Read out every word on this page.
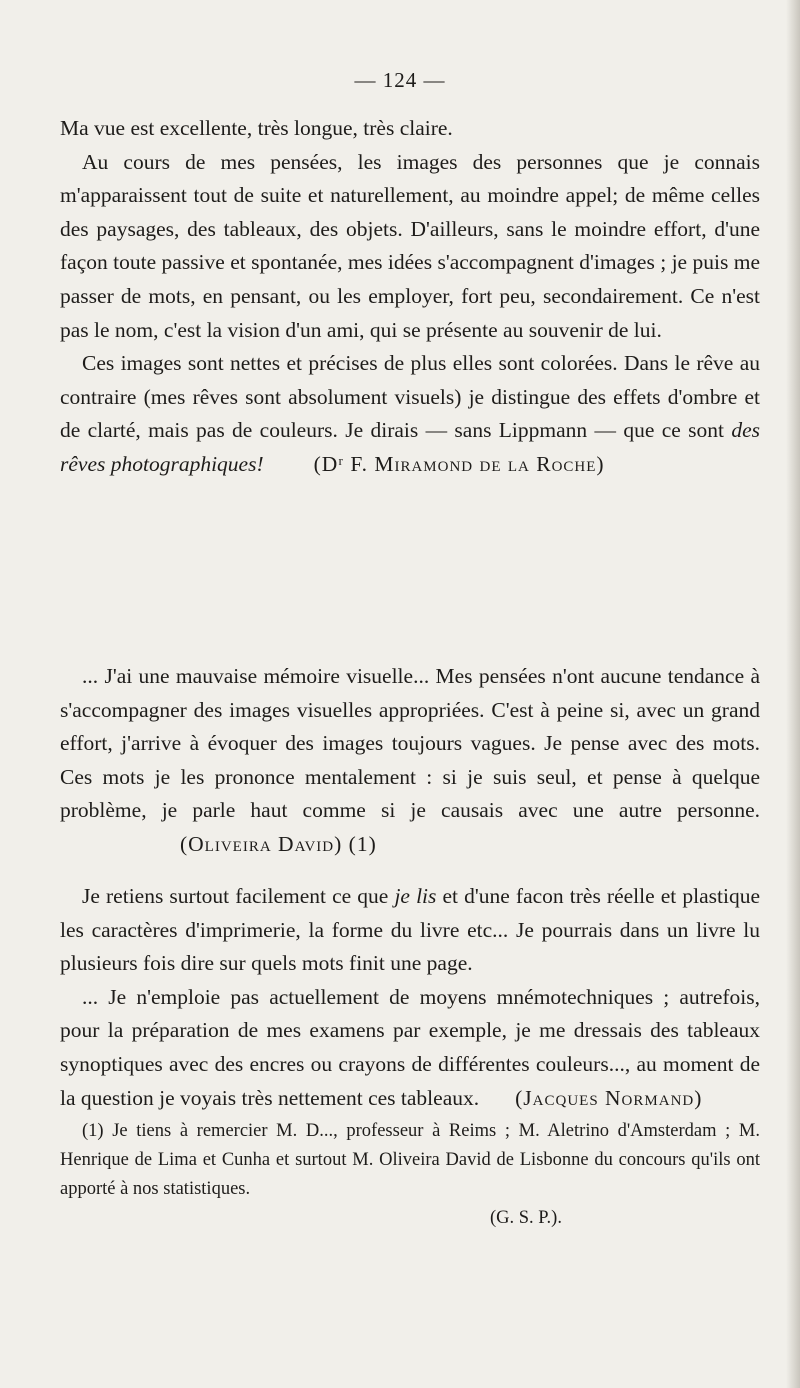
— 124 —

Ma vue est excellente, très longue, très claire.

Au cours de mes pensées, les images des personnes que je connais m'apparaissent tout de suite et naturellement, au moindre appel; de même celles des paysages, des tableaux, des objets. D'ailleurs, sans le moindre effort, d'une façon toute passive et spontanée, mes idées s'accompagnent d'images ; je puis me passer de mots, en pensant, ou les employer, fort peu, secondairement. Ce n'est pas le nom, c'est la vision d'un ami, qui se présente au souvenir de lui.

Ces images sont nettes et précises de plus elles sont colorées. Dans le rêve au contraire (mes rêves sont absolument visuels) je distingue des effets d'ombre et de clarté, mais pas de couleurs. Je dirais — sans Lippmann — que ce sont des rêves photographiques! (Dʳ F. Miramond de la Roche)

... J'ai une mauvaise mémoire visuelle... Mes pensées n'ont aucune tendance à s'accompagner des images visuelles appropriées. C'est à peine si, avec un grand effort, j'arrive à évoquer des images toujours vagues. Je pense avec des mots. Ces mots je les prononce mentalement : si je suis seul, et pense à quelque problème, je parle haut comme si je causais avec une autre personne.(Oliveira David) (1)

Je retiens surtout facilement ce que je lis et d'une facon très réelle et plastique les caractères d'imprimerie, la forme du livre etc... Je pourrais dans un livre lu plusieurs fois dire sur quels mots finit une page.

... Je n'emploie pas actuellement de moyens mnémotechniques ; autrefois, pour la préparation de mes examens par exemple, je me dressais des tableaux synoptiques avec des encres ou crayons de différentes couleurs..., au moment de la question je voyais très nettement ces tableaux. (Jacques Normand)

(1) Je tiens à remercier M. D..., professeur à Reims ; M. Aletrino d'Amsterdam ; M. Henrique de Lima et Cunha et surtout M. Oliveira David de Lisbonne du concours qu'ils ont apporté à nos statistiques.

(G. S. P.).
